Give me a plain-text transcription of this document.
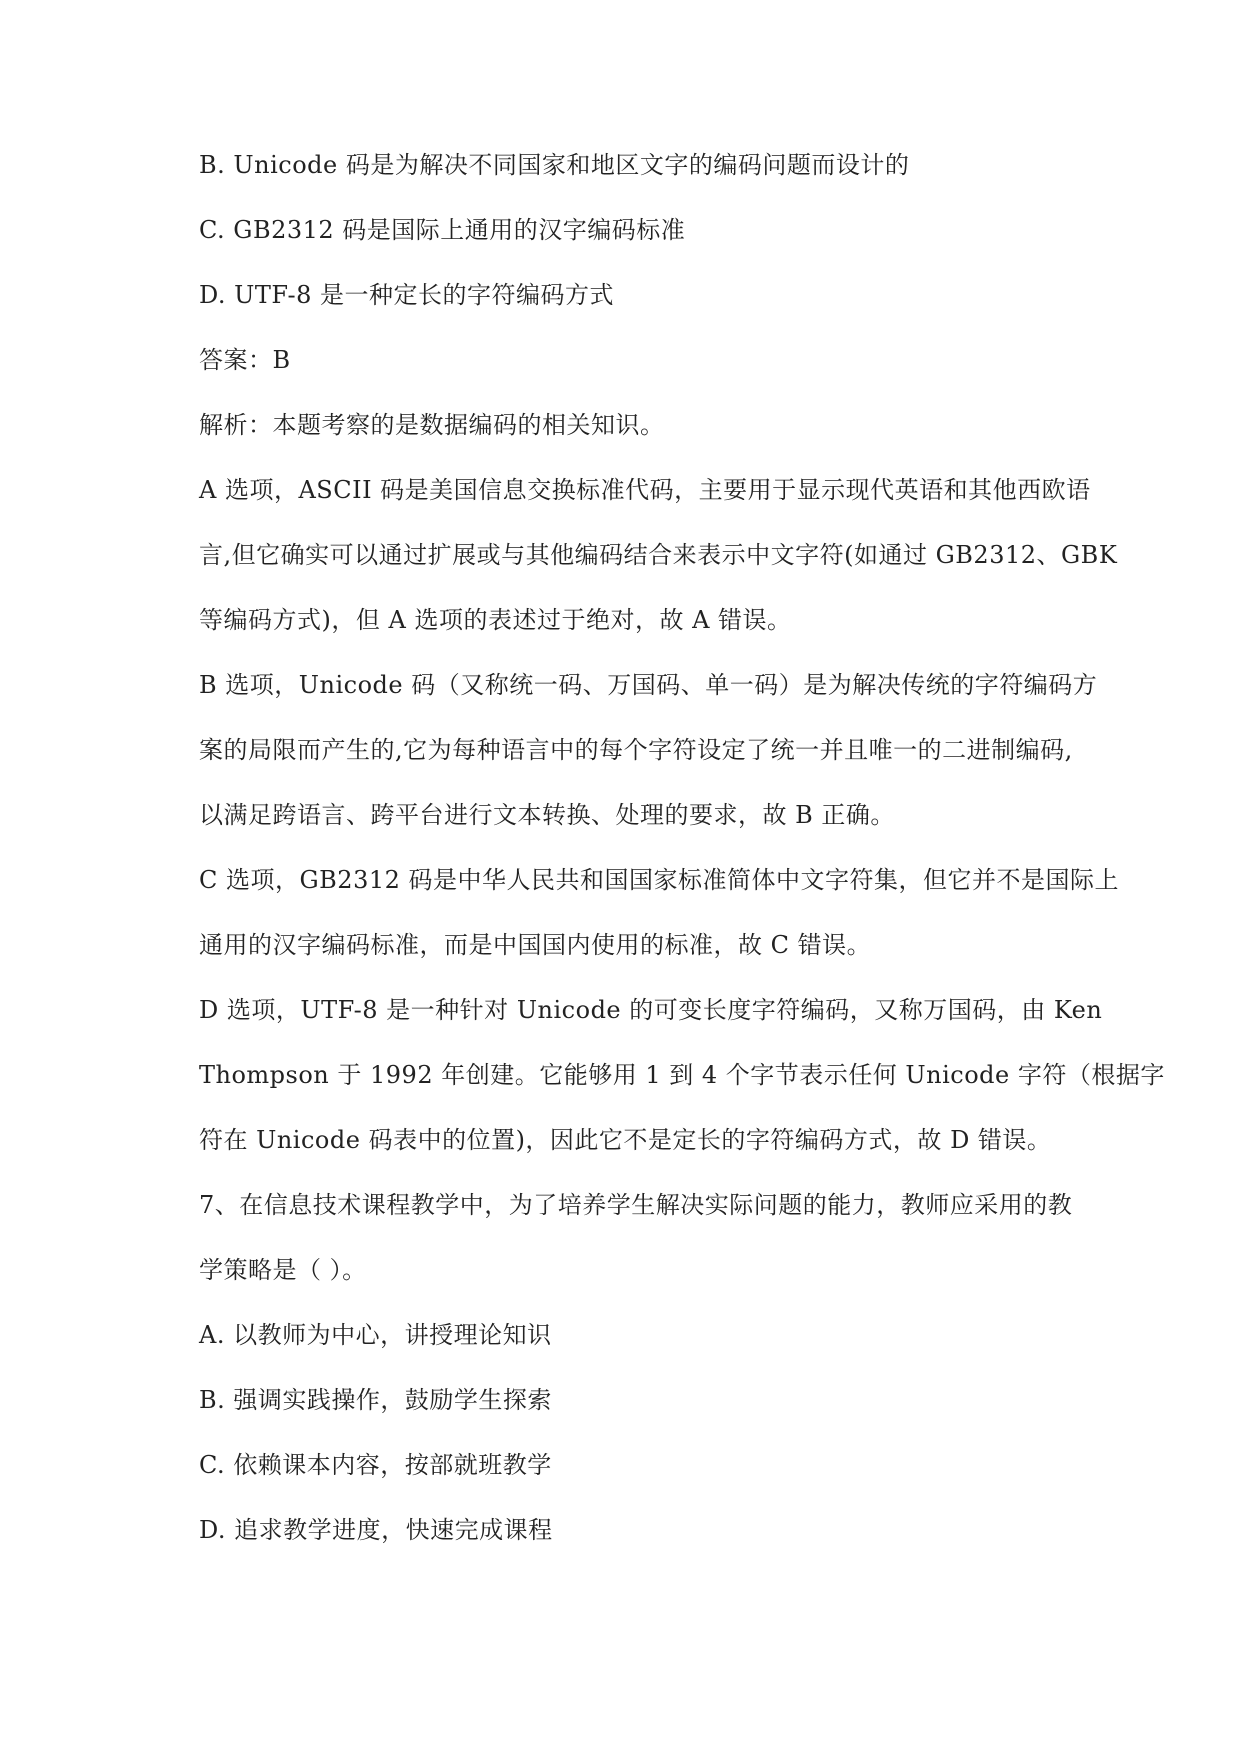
B. Unicode 码是为解决不同国家和地区文字的编码问题而设计的
C. GB2312 码是国际上通用的汉字编码标准
D. UTF-8 是一种定长的字符编码方式
答案：B
解析：本题考察的是数据编码的相关知识。
A 选项，ASCII 码是美国信息交换标准代码，主要用于显示现代英语和其他西欧语
言,但它确实可以通过扩展或与其他编码结合来表示中文字符(如通过 GB2312、GBK
等编码方式)，但 A 选项的表述过于绝对，故 A 错误。
B 选项，Unicode 码（又称统一码、万国码、单一码）是为解决传统的字符编码方
案的局限而产生的,它为每种语言中的每个字符设定了统一并且唯一的二进制编码,
以满足跨语言、跨平台进行文本转换、处理的要求，故 B 正确。
C 选项，GB2312 码是中华人民共和国国家标准简体中文字符集，但它并不是国际上
通用的汉字编码标准，而是中国国内使用的标准，故 C 错误。
D 选项，UTF-8 是一种针对 Unicode 的可变长度字符编码，又称万国码，由 Ken
Thompson 于 1992 年创建。它能够用 1 到 4 个字节表示任何 Unicode 字符（根据字
符在 Unicode 码表中的位置)，因此它不是定长的字符编码方式，故 D 错误。
7、在信息技术课程教学中，为了培养学生解决实际问题的能力，教师应采用的教
学策略是（ ）。
A. 以教师为中心，讲授理论知识
B. 强调实践操作，鼓励学生探索
C. 依赖课本内容，按部就班教学
D. 追求教学进度，快速完成课程
